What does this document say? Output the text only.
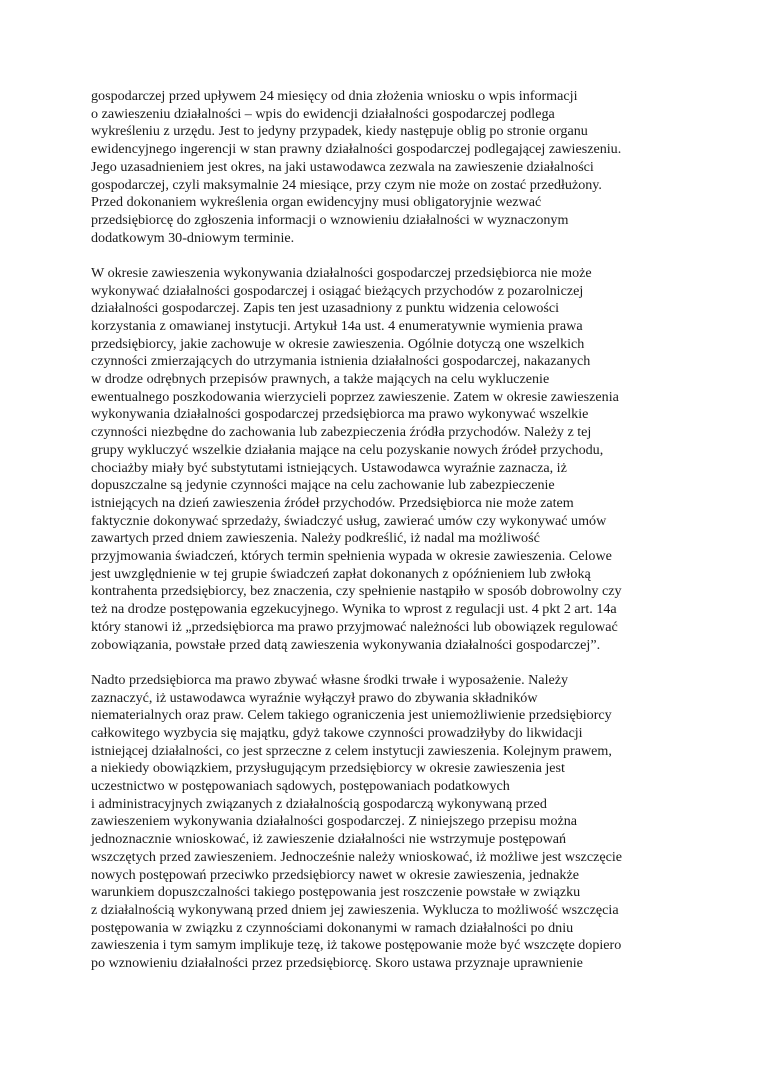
gospodarczej przed upływem 24 miesięcy od dnia złożenia wniosku o wpis informacji
o zawieszeniu działalności – wpis do ewidencji działalności gospodarczej podlega
wykreśleniu z urzędu. Jest to jedyny przypadek, kiedy następuje oblig po stronie organu
ewidencyjnego ingerencji w stan prawny działalności gospodarczej podlegającej zawieszeniu.
Jego uzasadnieniem jest okres, na jaki ustawodawca zezwala na zawieszenie działalności
gospodarczej, czyli maksymalnie 24 miesiące, przy czym nie może on zostać przedłużony.
Przed dokonaniem wykreślenia organ ewidencyjny musi obligatoryjnie wezwać
przedsiębiorcę do zgłoszenia informacji o wznowieniu działalności w wyznaczonym
dodatkowym 30-dniowym terminie.

W okresie zawieszenia wykonywania działalności gospodarczej przedsiębiorca nie może
wykonywać działalności gospodarczej i osiągać bieżących przychodów z pozarolniczej
działalności gospodarczej. Zapis ten jest uzasadniony z punktu widzenia celowości
korzystania z omawianej instytucji. Artykuł 14a ust. 4 enumeratywnie wymienia prawa
przedsiębiorcy, jakie zachowuje w okresie zawieszenia. Ogólnie dotyczą one wszelkich
czynności zmierzających do utrzymania istnienia działalności gospodarczej, nakazanych
w drodze odrębnych przepisów prawnych, a także mających na celu wykluczenie
ewentualnego poszkodowania wierzycieli poprzez zawieszenie. Zatem w okresie zawieszenia
wykonywania działalności gospodarczej przedsiębiorca ma prawo wykonywać wszelkie
czynności niezbędne do zachowania lub zabezpieczenia źródła przychodów. Należy z tej
grupy wykluczyć wszelkie działania mające na celu pozyskanie nowych źródeł przychodu,
chociażby miały być substytutami istniejących. Ustawodawca wyraźnie zaznacza, iż
dopuszczalne są jedynie czynności mające na celu zachowanie lub zabezpieczenie
istniejących na dzień zawieszenia źródeł przychodów. Przedsiębiorca nie może zatem
faktycznie dokonywać sprzedaży, świadczyć usług, zawierać umów czy wykonywać umów
zawartych przed dniem zawieszenia. Należy podkreślić, iż nadal ma możliwość
przyjmowania świadczeń, których termin spełnienia wypada w okresie zawieszenia. Celowe
jest uwzględnienie w tej grupie świadczeń zapłat dokonanych z opóźnieniem lub zwłoką
kontrahenta przedsiębiorcy, bez znaczenia, czy spełnienie nastąpiło w sposób dobrowolny czy
też na drodze postępowania egzekucyjnego. Wynika to wprost z regulacji ust. 4 pkt 2 art. 14a
który stanowi iż „przedsiębiorca ma prawo przyjmować należności lub obowiązek regulować
zobowiązania, powstałe przed datą zawieszenia wykonywania działalności gospodarczej”.

Nadto przedsiębiorca ma prawo zbywać własne środki trwałe i wyposażenie. Należy
zaznaczyć, iż ustawodawca wyraźnie wyłączył prawo do zbywania składników
niematerialnych oraz praw. Celem takiego ograniczenia jest uniemożliwienie przedsiębiorcy
całkowitego wyzbycia się majątku, gdyż takowe czynności prowadziłyby do likwidacji
istniejącej działalności, co jest sprzeczne z celem instytucji zawieszenia. Kolejnym prawem,
a niekiedy obowiązkiem, przysługującym przedsiębiorcy w okresie zawieszenia jest
uczestnictwo w postępowaniach sądowych, postępowaniach podatkowych
i administracyjnych związanych z działalnością gospodarczą wykonywaną przed
zawieszeniem wykonywania działalności gospodarczej. Z niniejszego przepisu można
jednoznacznie wnioskować, iż zawieszenie działalności nie wstrzymuje postępowań
wszczętych przed zawieszeniem. Jednocześnie należy wnioskować, iż możliwe jest wszczęcie
nowych postępowań przeciwko przedsiębiorcy nawet w okresie zawieszenia, jednakże
warunkiem dopuszczalności takiego postępowania jest roszczenie powstałe w związku
z działalnością wykonywaną przed dniem jej zawieszenia. Wyklucza to możliwość wszczęcia
postępowania w związku z czynnościami dokonanymi w ramach działalności po dniu
zawieszenia i tym samym implikuje tezę, iż takowe postępowanie może być wszczęte dopiero
po wznowieniu działalności przez przedsiębiorcę. Skoro ustawa przyznaje uprawnienie
